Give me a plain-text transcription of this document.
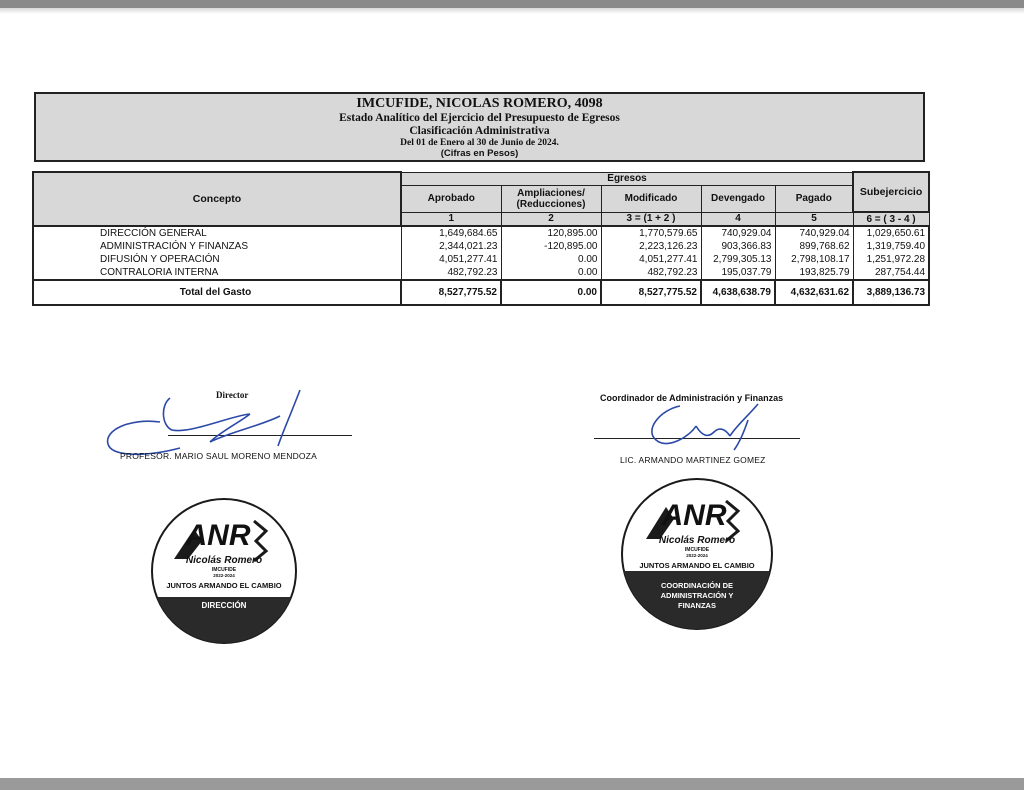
IMCUFIDE, NICOLAS ROMERO, 4098
Estado Analítico del Ejercicio del Presupuesto de Egresos
Clasificación Administrativa
Del 01 de Enero al 30 de Junio de 2024.
(Cifras en Pesos)
Concepto	Egresos					Subejercicio
	Aprobado	Ampliaciones/ (Reducciones)	Modificado	Devengado	Pagado	
	1	2	3 = (1 + 2 )	4	5	6 = ( 3 - 4 )
DIRECCIÓN GENERAL	1,649,684.65	120,895.00	1,770,579.65	740,929.04	740,929.04	1,029,650.61
ADMINISTRACIÓN Y FINANZAS	2,344,021.23	-120,895.00	2,223,126.23	903,366.83	899,768.62	1,319,759.40
DIFUSIÓN Y OPERACIÓN	4,051,277.41	0.00	4,051,277.41	2,799,305.13	2,798,108.17	1,251,972.28
CONTRALORIA INTERNA	482,792.23	0.00	482,792.23	195,037.79	193,825.79	287,754.44
Total del Gasto	8,527,775.52	0.00	8,527,775.52	4,638,638.79	4,632,631.62	3,889,136.73
Director
PROFESOR. MARIO SAUL MORENO MENDOZA
Coordinador de Administración y Finanzas
LIC. ARMANDO MARTINEZ GOMEZ
ANR
Nicolás Romero
IMCUFIDE
2022-2024
JUNTOS ARMANDO EL CAMBIO
DIRECCIÓN
ANR
Nicolás Romero
IMCUFIDE
2022-2024
JUNTOS ARMANDO EL CAMBIO
COORDINACIÓN DE ADMINISTRACIÓN Y FINANZAS
